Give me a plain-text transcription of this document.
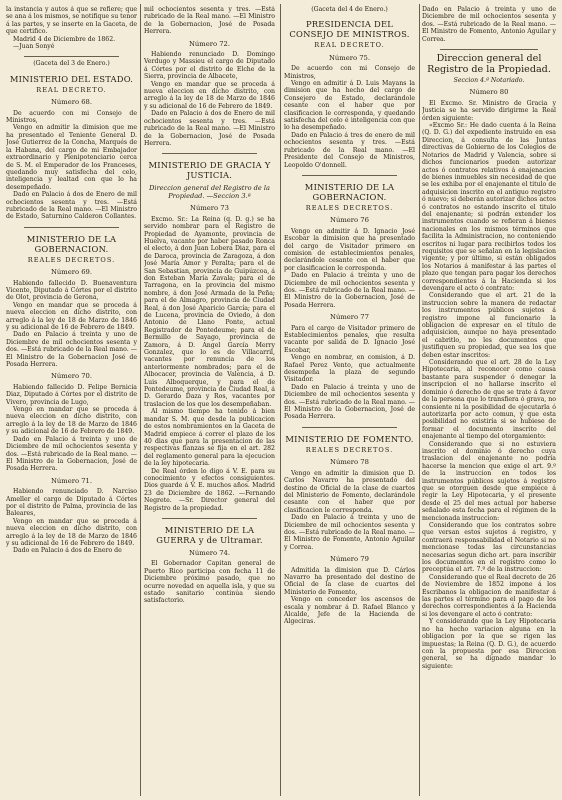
la instancia y autos á que se refiere; que se ana á los mismos, se notifique su tenor á las partes, y se inserte en la Gaceta, de que certifico.

Madrid 4 de Diciembre de 1862.

—Juan Sonyé

(Gaceta del 3 de Enero.)
MINISTERIO DEL ESTADO.
REAL DECRETO.
Número 68.

De acuerdo con mi Consejo de Ministros,

Vengo en admitir la dimision que me ha presentado el Teniente General D. José Gutierrez de la Concha, Marqués de la Habana, del cargo de mi Embajador extraordinario y Plenipotenciario cerca de S. M. el Emperador de los Franceses, quedando muy satisfecha del celo, inteligencia y lealtad con que lo ha desempeñado.

Dado en Palacio á dos de Enero de mil ochocientos sesenta y tres. —Está rubricado de la Real mano. —El Ministro de Estado, Saturnino Calderon Collantes.

MINISTERIO DE LA GOBERNACION.
REALES DECRETOS.
Número 69.

Habiendo fallecido D. Buenaventura Vicente, Diputado á Córtes por el distrito de Olot, provincia de Gerona,

Vengo en mandar que se proceda á nueva eleccion en dicho distrito, con arreglo á la ley de 18 de Marzo de 1846 y su adicional de 16 de Febrero de 1849.

Dado en Palacio á treinta y uno de Diciembre de mil ochocientos sesenta y dos. —Está rubricado de la Real mano. —El Ministro de la Gobernacion José de Posada Herrera.

Número 70.

Habiendo fallecido D. Felipe Bernicia Diaz, Diputado á Córtes por el distrito de Vivero, provincia de Lugo,

Vengo en mandar que se proceda á nueva eleccion en dicho distrito, con arreglo á la ley de 18 de Marzo de 1846 y su adicional de 16 de Febrero de 1849.

Dado en Palacio á treinta y uno de Diciembre de mil ochocientos sesenta y dos. —Está rubricado de la Real mano. —El Ministro de la Gobernacion, José de Posada Herrera.

Número 71.

Habiendo renunciado D. Narciso Ameller el cargo de Diputado á Córtes por el distrito de Palma, provincia de las Baleares,

Vengo en mandar que se proceda á nueva eleccion en dicho distrito, con arreglo á la ley de 18 de Marzo de 1846 y su adicional de 16 de Febrero de 1849.

Dado en Palacio á dos de Enero de

mil ochocientos sesenta y tres. —Está rubricado de la Real mano. —El Ministro de la Gobernacion, José de Posada Herrera.

Número 72.

Habiendo renunciado D. Domingo Verdugo y Massieu el cargo de Diputado á Córtes por el distrito de Elche de la Sierra, provincia de Albacete,

Vengo en mandar que se proceda á nueva eleccion en dicho distrito, con arreglo á la ley de 18 de Marzo de 1846 y su adicional de 16 de Febrero de 1849.

Dado en Palacio á dos de Enero de mil ochocientos sesenta y tres. —Está rubricado de la Real mano. —El Ministro de la Gobernacion, José de Posada Herrera.

MINISTERIO DE GRACIA Y JUSTICIA.
Direccion general del Registro de la Propiedad. —Seccion 3.ª
Número 73

Excmo. Sr.: La Reina (q. D. g.) se ha servido nombrar para el Registro de Propiedad de Ayamonte, provincia de Huelva, vacante por haber pasado Ronca el electo, á don Juan Lobera Diaz, para el de Daroca, provincia de Zaragoza, á don José María Amor y Peralta; para el de San Sebastian, provincia de Guipúzcoa, á don Esteban María Zavala; para el de Tarragona, en la provincia del mismo nombre, á don José Armada de la Peña; para el de Almagro, provincia de Ciudad Real, á don José Aparicio García; para el de Lucena, provincia de Oviedo, á don Antonio de Llano Ponte, actual Registrador de Pontedeume; para el de Bermillo de Sayago, provincia de Zamora, á D. Angel García Merry Gonzalez, que lo es de Villacarril, vacantes por renuncia de los anteriormente nombrados; para el de Albocacer, provincia de Valencia, á D. Luis Alboquerque, y para el de Pontedeume, provincia de Ciudad Real, á D. Gerardo Daza y Ros, vacantes por traslacion de los que los desempeñaban.

Al mismo tiempo ha tenido á bien mandar S. M. que desde la publicacion de estos nombramientos en la Gaceta de Madrid empiece á correr el plazo de los 40 dias que para la presentacion de las respectivas fianzas se fija en el art. 282 del reglamento general para la ejecucion de la ley hipotecaria.

De Real órden lo digo á V. E. para su conocimiento y efectos consiguientes. Dios guarde á V. E. muchos años. Madrid 23 de Diciembre de 1862. —Fernando Negrete. —Sr. Director general del Registro de la propiedad.

MINISTERIO DE LA GUERRA y de Ultramar.
Número 74.

El Gobernador Capitan general de Puerto Rico participa con fecha 11 de Diciembre próximo pasado, que no ocurre novedad en aquella isla, y que su estado sanitario continúa siendo satisfactorio.

(Gaceta del 4 de Enero.)
PRESIDENCIA DEL CONSEJO DE MINISTROS.
REAL DECRETO.
Número 75.

De acuerdo con mi Consejo de Ministros,

Vengo en admitir á D. Luis Mayans la dimision que ha hecho del cargo de Consejero de Estado, declarándole cesante con el haber que por clasificacion le corresponda, y quedando satisfecha del celo é inteligencia con que lo ha desempeñado.

Dado en Palacio á tres de enero de mil ochocientos sesenta y tres. —Está rubricado de la Real mano. —El Presidente del Consejo de Ministros, Leopoldo O'donnell.

MINISTERIO DE LA GOBERNACION.
REALES DECRETOS.
Número 76

Vengo en admitir á D. Ignacio José Escobar la dimision que ha presentado del cargo de Visitador primero en comision de establecimientos penales, declarándole cesante con el haber que por clasificacion le corresponda.

Dado en Palacio á treinta y uno de Diciembre de mil ochocientos sesenta y dos. —Está rubricado de la Real mano. —El Ministro de la Gobernacion, José de Posada Herrera.

Número 77

Para el cargo de Visitador primero de Establecimientos penales, que resulta vacante por salida de D. Ignacio José Escobar,

Vengo en nombrar, en comision, á D. Rafael Perez Vento, que actualmente desempeña la plaza de segundo Visitador.

Dado en Palacio á treinta y uno de Diciembre de mil ochocientos sesenta y dos. —Está rubricado de la Real mano. —El Ministro de la Gobernacion, José de Posada Herrera.

MINISTERIO DE FOMENTO.
REALES DECRETOS.
Número 78

Vengo en admitir la dimision que D. Carlos Navarro ha presentado del destino de Oficial de la clase de cuartos del Ministerio de Fomento, declarándole cesante con el haber que por clasificacion le corresponda.

Dado en Palacio á treinta y uno de Diciembre de mil ochocientos sesenta y dos. —Está rubricado de la Real mano. —El Ministro de Fomento, Antonio Aguilar y Correa.

Número 79

Admitida la dimision que D. Cárlos Navarro ha presentado del destino de Oficial de la clase de cuartos del Ministerio de Fomento,

Vengo en conceder los ascensos de escala y nombrar á D. Rafael Blanco y Alcalde, Jefe de la Hacienda de Algeciras.

Dado en Palacio á treinta y uno de Diciembre de mil ochocientos sesenta y dos. —Está rubricado de la Real mano. —El Ministro de Fomento, Antonio Aguilar y Correa.

Direccion general del Registro de la Propiedad.
Seccion 4.ª Notariado.
Número 80

El Excmo. Sr. Ministro de Gracia y Justicia se ha servido dirigirme la Real órden siguiente:

«Excmo Sr.: He dado cuenta á la Reina (Q. D. G.) del expediente instruido en esa Direccion, á consulta de las Juntas directivas de Gobierno de los Colegios de Notarios de Madrid y Valencia, sobre si dichos funcionarios pueden autorizar actos ó contratos relativos á enajenacion de bienes inmuebles sin necesidad de que se les exhiba por el enajenante el titulo de adquisicion inscrito en el antiguo registro ó nuevo; si deberán autorizar dichos actos ó contratos no estando inscrito el titulo del enajenante; si podrán extender los instrumentos cuando se refieran á bienes nacionales en los mismos términos que facilita la Administracion, no conteniendo escritos ni lugar para recibirlos todos los requisitos que se señalan en la legislacion vigente; y por último, si están obligados los Notarios á manifestar á las partes el plazo que tengan para pagar los derechos correspondientes á la Hacienda si los devengare el acto ó contrato:

Considerando que el art. 21 de la instruccion sobre la manera de redactar los instrumentos públicos sujetos á registro impone al funcionario la obligacion de expresar en el título de adquisicion, aunque no haya presentado el cabritlo, no les documentos que justifiquen su propiedad, que sea los que deben estar inscritos:

Considerando que el art. 28 de la Ley Hipotecaria, al reconocer como causa bastante para suspender ó denegar la inscripcion el no hallarse inscrito el dominio ó derecho de que se trate á favor de la persona que lo transfiera ó grava, no consiente ni la posibilidad de ejecutarla ó autorizarla por acto comun, y que esta posibilidad no existiría si se hubiese de formar el documento inscrito del enajenante al tiempo del otorgamiento:

Considerando que si no estuviera inscrito el dominio ó derecho cuya traslacion del enajenante no podría hacerse la mencion que exige el art. 9.º de la instruccion en todos los instrumentos públicos sujetos á registro que se otorguen desde que empiece á regir la Ley Hipotecaria, y el presente desde el 25 del mes actual por haberse señalado esta fecha para el régimen de la mencionada instruccion:

Considerando que los contratos sobre que versan estos sujetos á registro, y contraerá responsabilidad el Notario si no mencionase todas las circunstancias necesarias segun dicho art. para inscribir los documentos en el registro como lo preceptúa el art. 7.º de la instruccion:

Considerando que el Real decreto de 26 de Noviembre de 1852 impone á los Escribanos la obligacion de manifestar á las partes el término para el pago de los derechos correspondientes á la Hacienda si los devengare el acto ó contrato:

Y considerando que la Ley Hipotecaria no ha hecho variacion alguna en la obligacion por la que se rigen las impuestas; la Reina (Q. D. G.), de acuerdo con la propuesta por esa Direccion general, se ha dignado mandar lo siguiente:
